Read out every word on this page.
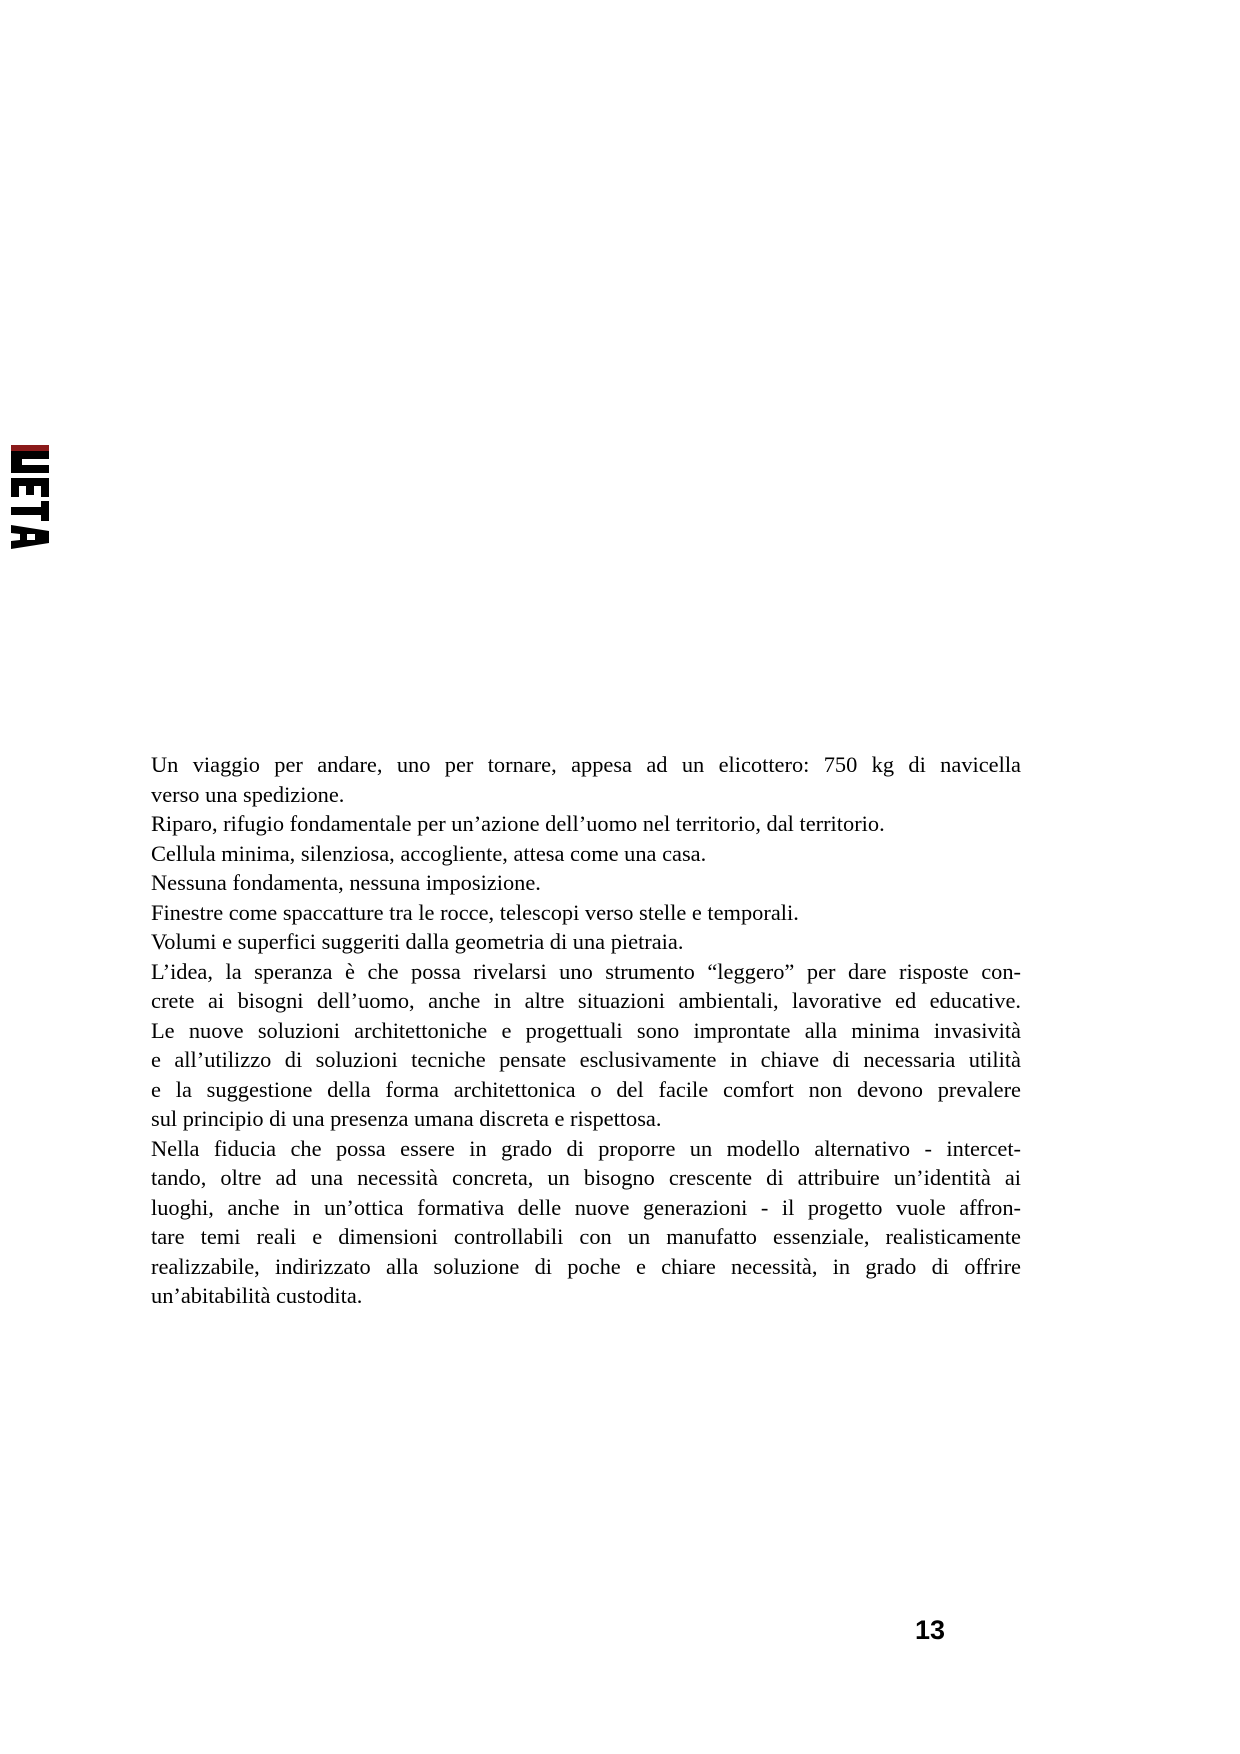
Un viaggio per andare, uno per tornare, appesa ad un elicottero: 750 kg di navicella
verso una spedizione.
Riparo, rifugio fondamentale per un’azione dell’uomo nel territorio, dal territorio.
Cellula minima, silenziosa, accogliente, attesa come una casa.
Nessuna fondamenta, nessuna imposizione.
Finestre come spaccatture tra le rocce, telescopi verso stelle e temporali.
Volumi e superfici suggeriti dalla geometria di una pietraia.
L’idea, la speranza è che possa rivelarsi uno strumento “leggero” per dare risposte con-
crete ai bisogni dell’uomo, anche in altre situazioni ambientali, lavorative ed educative.
Le nuove soluzioni architettoniche e progettuali sono improntate alla minima invasività
e all’utilizzo di soluzioni tecniche pensate esclusivamente in chiave di necessaria utilità
e la suggestione della forma architettonica o del facile comfort non devono prevalere
sul principio di una presenza umana discreta e rispettosa.
Nella fiducia che possa essere in grado di proporre un modello alternativo - intercet-
tando, oltre ad una necessità concreta, un bisogno crescente di attribuire un’identità ai
luoghi, anche in un’ottica formativa delle nuove generazioni - il progetto vuole affron-
tare temi reali e dimensioni controllabili con un manufatto essenziale, realisticamente
realizzabile, indirizzato alla soluzione di poche e chiare necessità, in grado di offrire
un’abitabilità custodita.
13
